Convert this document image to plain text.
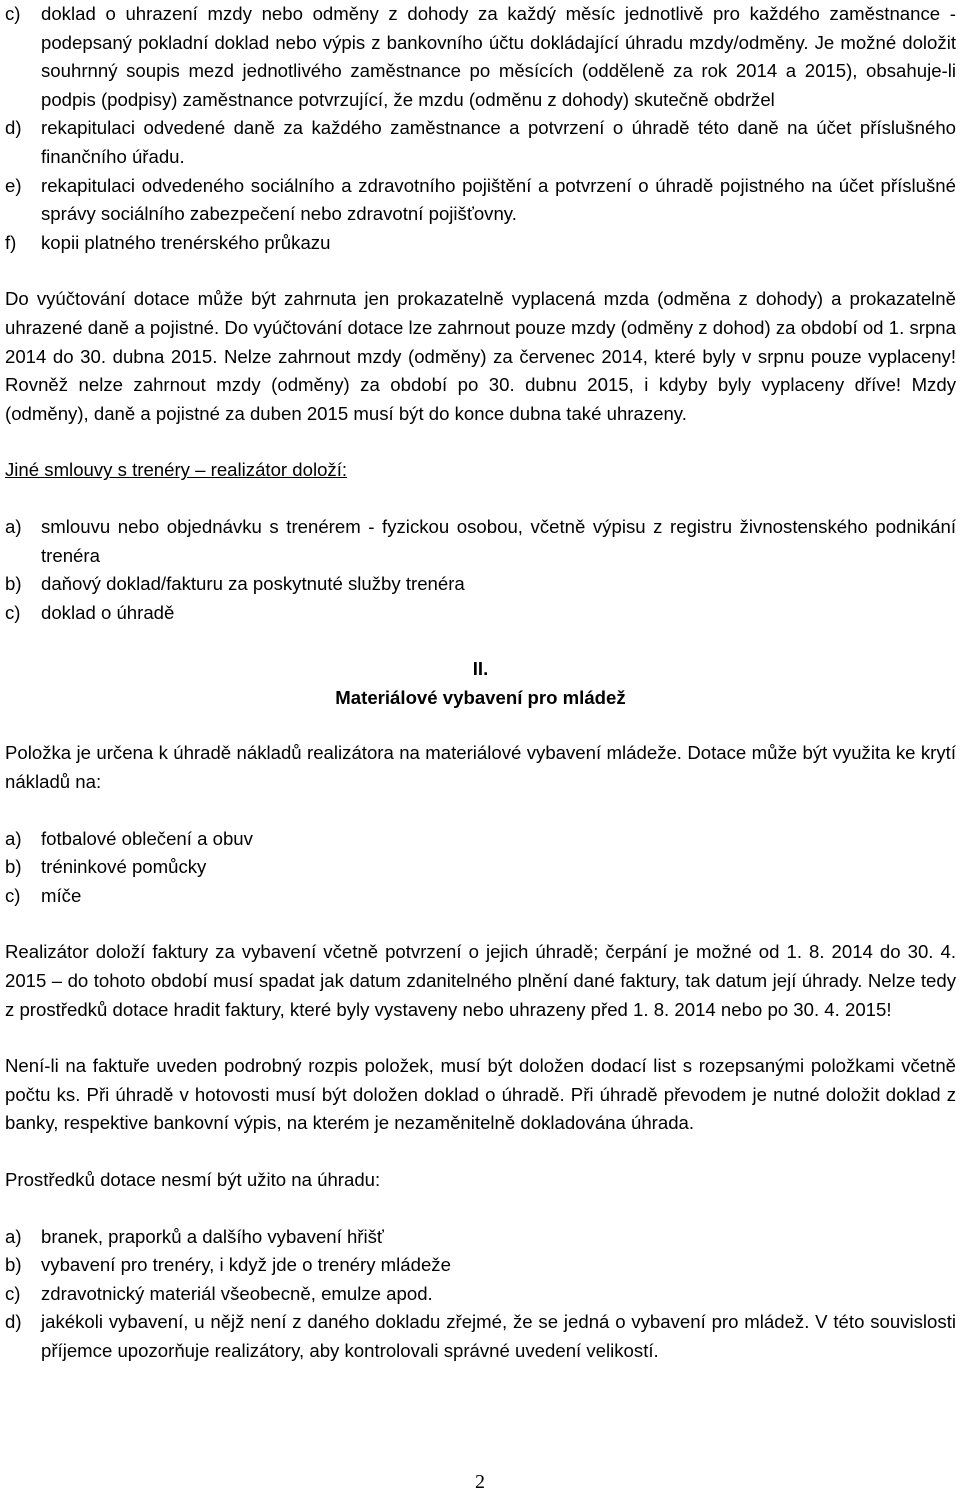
c)	doklad o uhrazení mzdy nebo odměny z dohody za každý měsíc jednotlivě pro každého zaměstnance - podepsaný pokladní doklad nebo výpis z bankovního účtu dokládající úhradu mzdy/odměny. Je možné doložit souhrnný soupis mezd jednotlivého zaměstnance po měsících (odděleně za rok 2014 a 2015), obsahuje-li podpis (podpisy) zaměstnance potvrzující, že mzdu (odměnu z dohody) skutečně obdržel
d)	rekapitulaci odvedené daně za každého zaměstnance a potvrzení o úhradě této daně na účet příslušného finančního úřadu.
e)	rekapitulaci odvedeného sociálního a zdravotního pojištění a potvrzení o úhradě pojistného na účet příslušné správy sociálního zabezpečení nebo zdravotní pojišťovny.
f)	kopii platného trenérského průkazu

Do vyúčtování dotace může být zahrnuta jen prokazatelně vyplacená mzda (odměna z dohody) a prokazatelně uhrazené daně a pojistné. Do vyúčtování dotace lze zahrnout pouze mzdy (odměny z dohod) za období od 1. srpna 2014 do 30. dubna 2015. Nelze zahrnout mzdy (odměny) za červenec 2014, které byly v srpnu pouze vyplaceny! Rovněž nelze zahrnout mzdy (odměny) za období po 30. dubnu 2015, i kdyby byly vyplaceny dříve! Mzdy (odměny), daně a pojistné za duben 2015 musí být do konce dubna také uhrazeny.

Jiné smlouvy s trenéry – realizátor doloží:

a)	smlouvu nebo objednávku s trenérem - fyzickou osobou, včetně výpisu z registru živnostenského podnikání trenéra
b)	daňový doklad/fakturu za poskytnuté služby trenéra
c)	doklad o úhradě

II.

Materiálové vybavení pro mládež

Položka je určena k úhradě nákladů realizátora na materiálové vybavení mládeže. Dotace může být využita ke krytí nákladů na:

a)	fotbalové oblečení a obuv
b)	tréninkové pomůcky
c)	míče

Realizátor doloží faktury za vybavení včetně potvrzení o jejich úhradě; čerpání je možné od 1. 8. 2014 do 30. 4. 2015 – do tohoto období musí spadat jak datum zdanitelného plnění dané faktury, tak datum její úhrady. Nelze tedy z prostředků dotace hradit faktury, které byly vystaveny nebo uhrazeny před 1. 8. 2014 nebo po 30. 4. 2015!

Není-li na faktuře uveden podrobný rozpis položek, musí být doložen dodací list s rozepsanými položkami včetně počtu ks. Při úhradě v hotovosti musí být doložen doklad o úhradě. Při úhradě převodem je nutné doložit doklad z banky, respektive bankovní výpis, na kterém je nezaměnitelně dokladována úhrada.

Prostředků dotace nesmí být užito na úhradu:

a)	branek, praporků a dalšího vybavení hřišť
b)	vybavení pro trenéry, i když jde o trenéry mládeže
c)	zdravotnický materiál všeobecně, emulze apod.
d)	jakékoli vybavení, u nějž není z daného dokladu zřejmé, že se jedná o vybavení pro mládež. V této souvislosti příjemce upozorňuje realizátory, aby kontrolovali správné uvedení velikostí.
2
